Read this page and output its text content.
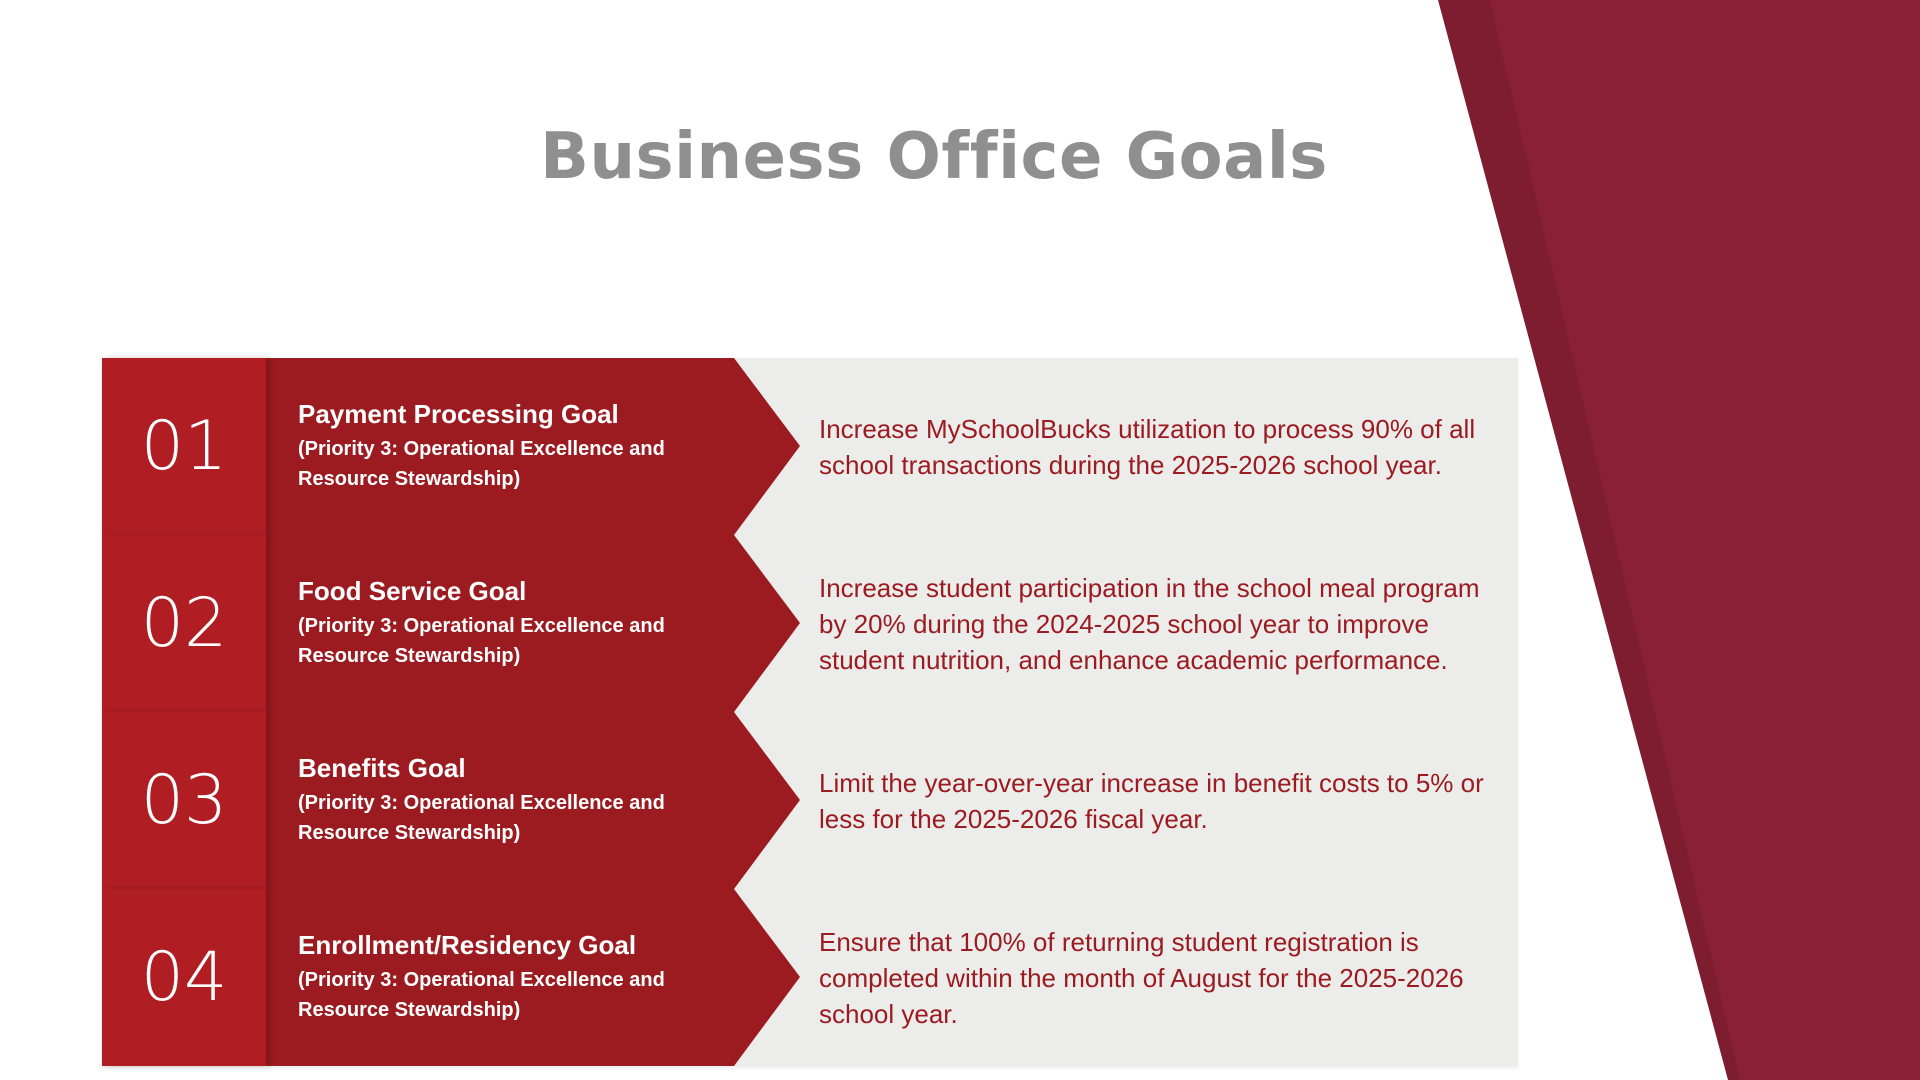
Business Office Goals
01	Payment Processing Goal
(Priority 3: Operational Excellence and Resource Stewardship)
Increase MySchoolBucks utilization to process 90% of all school transactions during the 2025-2026 school year.
02	Food Service Goal
(Priority 3: Operational Excellence and Resource Stewardship)
Increase student participation in the school meal program by 20% during the 2024-2025 school year to improve student nutrition, and enhance academic performance.
03	Benefits Goal
(Priority 3: Operational Excellence and Resource Stewardship)
Limit the year-over-year increase in benefit costs to 5% or less for the 2025-2026 fiscal year.
04	Enrollment/Residency Goal
(Priority 3: Operational Excellence and Resource Stewardship)
Ensure that 100% of returning student registration is completed within the month of August for the 2025-2026 school year.
